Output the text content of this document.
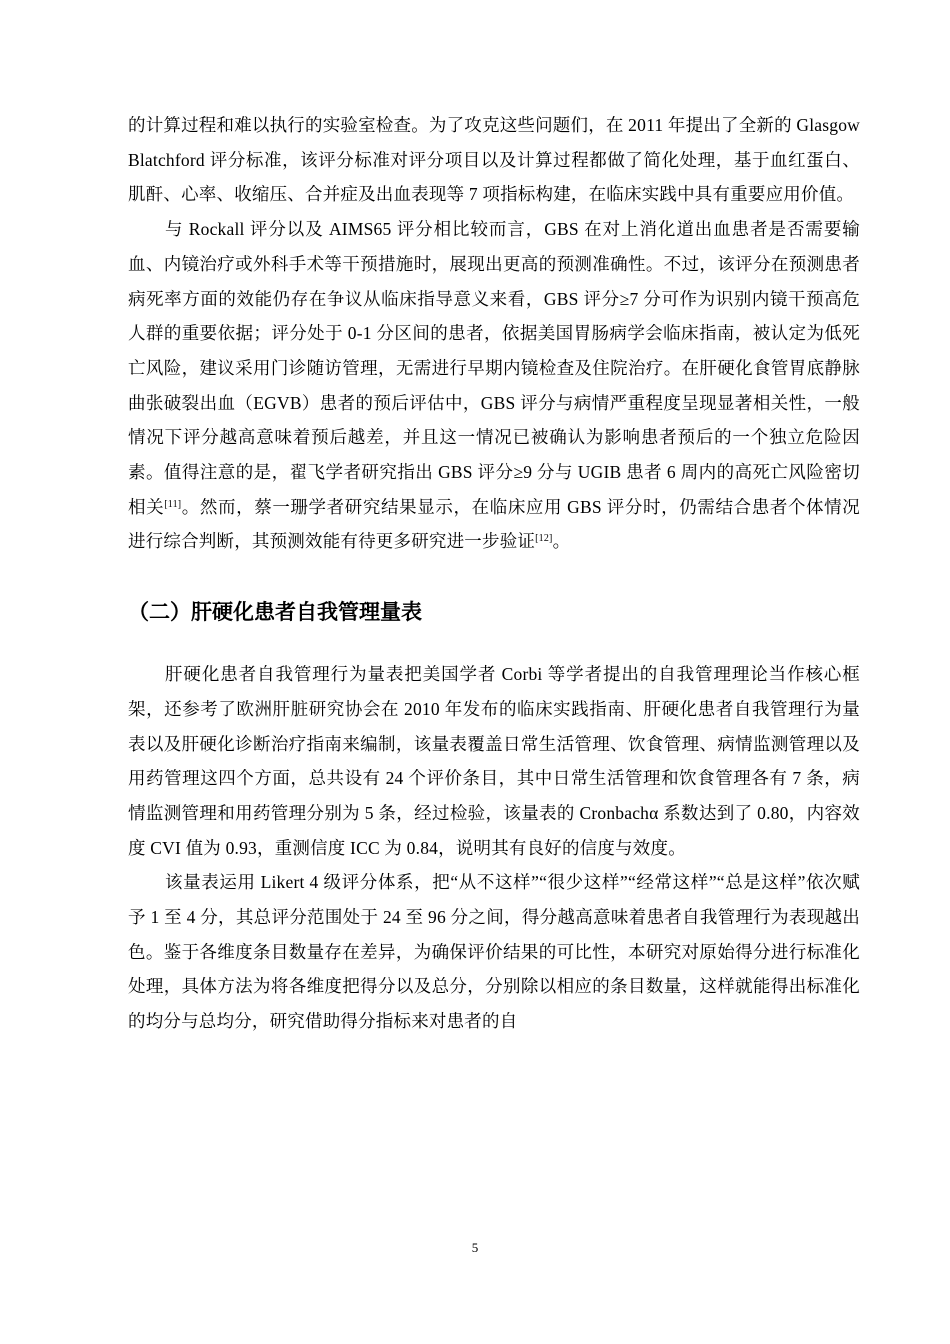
的计算过程和难以执行的实验室检查。为了攻克这些问题们，在 2011 年提出了全新的 Glasgow Blatchford 评分标准，该评分标准对评分项目以及计算过程都做了简化处理，基于血红蛋白、肌酐、心率、收缩压、合并症及出血表现等 7 项指标构建，在临床实践中具有重要应用价值。

与 Rockall 评分以及 AIMS65 评分相比较而言，GBS 在对上消化道出血患者是否需要输血、内镜治疗或外科手术等干预措施时，展现出更高的预测准确性。不过，该评分在预测患者病死率方面的效能仍存在争议从临床指导意义来看，GBS 评分≥7 分可作为识别内镜干预高危人群的重要依据；评分处于 0-1 分区间的患者，依据美国胃肠病学会临床指南，被认定为低死亡风险，建议采用门诊随访管理，无需进行早期内镜检查及住院治疗。在肝硬化食管胃底静脉曲张破裂出血（EGVB）患者的预后评估中，GBS 评分与病情严重程度呈现显著相关性，一般情况下评分越高意味着预后越差，并且这一情况已被确认为影响患者预后的一个独立危险因素。值得注意的是，翟飞学者研究指出 GBS 评分≥9 分与 UGIB 患者 6 周内的高死亡风险密切相关[11]。然而，蔡一珊学者研究结果显示，在临床应用 GBS 评分时，仍需结合患者个体情况进行综合判断，其预测效能有待更多研究进一步验证[12]。

（二）肝硬化患者自我管理量表

肝硬化患者自我管理行为量表把美国学者 Corbi 等学者提出的自我管理理论当作核心框架，还参考了欧洲肝脏研究协会在 2010 年发布的临床实践指南、肝硬化患者自我管理行为量表以及肝硬化诊断治疗指南来编制，该量表覆盖日常生活管理、饮食管理、病情监测管理以及用药管理这四个方面，总共设有 24 个评价条目，其中日常生活管理和饮食管理各有 7 条，病情监测管理和用药管理分别为 5 条，经过检验，该量表的 Cronbachα 系数达到了 0.80，内容效度 CVI 值为 0.93，重测信度 ICC 为 0.84，说明其有良好的信度与效度。

该量表运用 Likert 4 级评分体系，把“从不这样”“很少这样”“经常这样”“总是这样”依次赋予 1 至 4 分，其总评分范围处于 24 至 96 分之间，得分越高意味着患者自我管理行为表现越出色。鉴于各维度条目数量存在差异，为确保评价结果的可比性，本研究对原始得分进行标准化处理，具体方法为将各维度把得分以及总分，分别除以相应的条目数量，这样就能得出标准化的均分与总均分，研究借助得分指标来对患者的自

5
